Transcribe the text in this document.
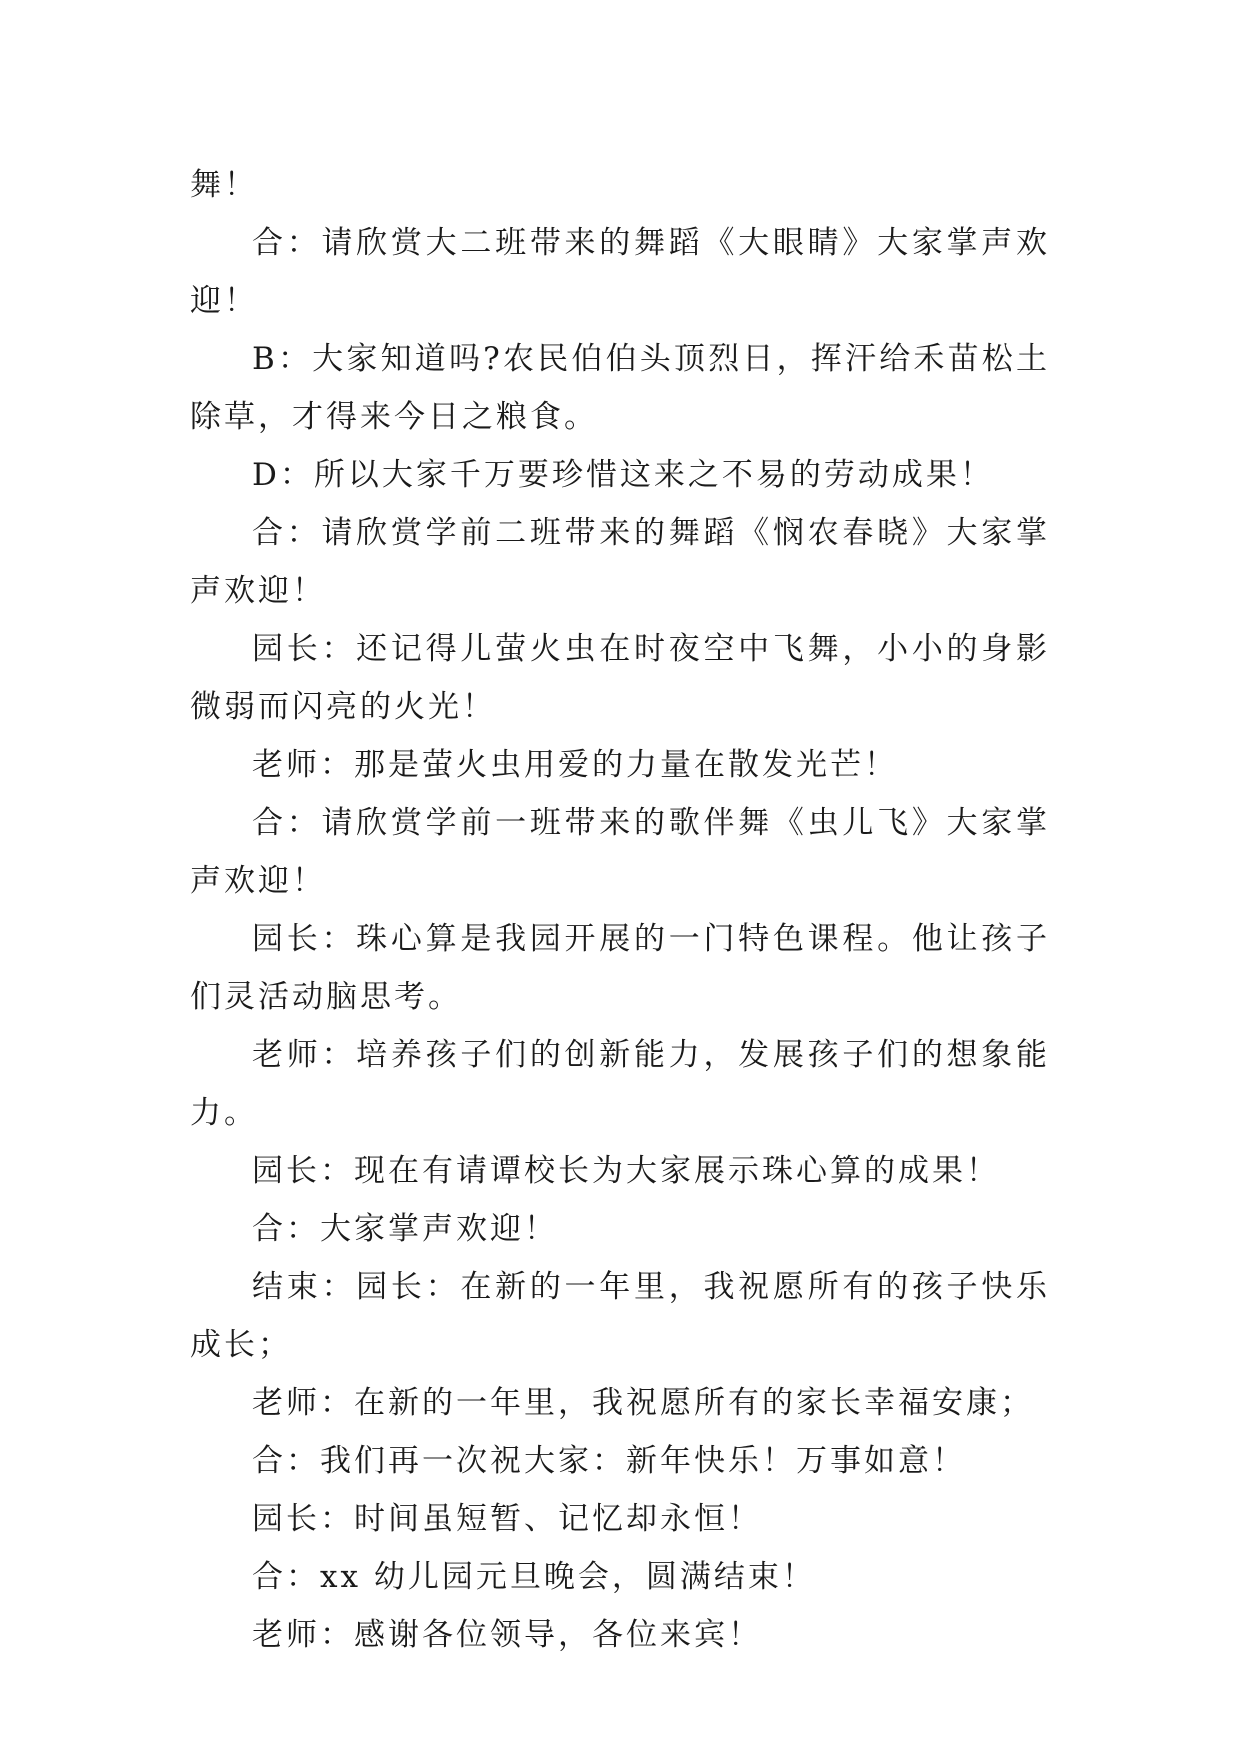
舞！

合：请欣赏大二班带来的舞蹈《大眼睛》大家掌声欢迎！

B：大家知道吗?农民伯伯头顶烈日，挥汗给禾苗松土除草，才得来今日之粮食。

D：所以大家千万要珍惜这来之不易的劳动成果！

合：请欣赏学前二班带来的舞蹈《悯农春晓》大家掌声欢迎！

园长：还记得儿萤火虫在时夜空中飞舞，小小的身影微弱而闪亮的火光！

老师：那是萤火虫用爱的力量在散发光芒！

合：请欣赏学前一班带来的歌伴舞《虫儿飞》大家掌声欢迎！

园长：珠心算是我园开展的一门特色课程。他让孩子们灵活动脑思考。

老师：培养孩子们的创新能力，发展孩子们的想象能力。

园长：现在有请谭校长为大家展示珠心算的成果！

合：大家掌声欢迎！

结束：园长：在新的一年里，我祝愿所有的孩子快乐成长；

老师：在新的一年里，我祝愿所有的家长幸福安康；

合：我们再一次祝大家：新年快乐！万事如意！

园长：时间虽短暂、记忆却永恒！

合：xx 幼儿园元旦晚会，圆满结束！

老师：感谢各位领导，各位来宾！
